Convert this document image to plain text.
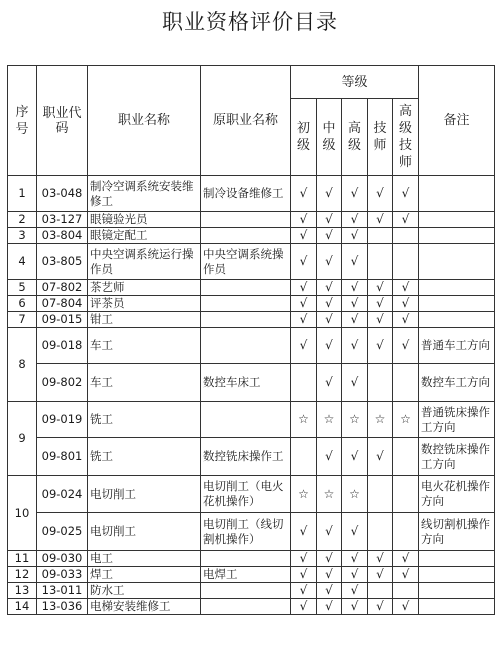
职业资格评价目录
序号	职业代码	职业名称	原职业名称	等级					备注
				初级	中级	高级	技师	高级技师	
1	03-048	制冷空调系统安装维修工	制冷设备维修工	√	√	√	√	√	
2	03-127	眼镜验光员		√	√	√	√	√	
3	03-804	眼镜定配工		√	√	√			
4	03-805	中央空调系统运行操作员	中央空调系统操作员	√	√	√			
5	07-802	茶艺师		√	√	√	√	√	
6	07-804	评茶员		√	√	√	√	√	
7	09-015	钳工		√	√	√	√	√	
8	09-018	车工		√	√	√	√	√	普通车工方向
	09-802	车工	数控车床工		√	√			数控车工方向
9	09-019	铣工		☆	☆	☆	☆	☆	普通铣床操作工方向
	09-801	铣工	数控铣床操作工		√	√	√		数控铣床操作工方向
10	09-024	电切削工	电切削工（电火花机操作）	☆	☆	☆			电火花机操作方向
	09-025	电切削工	电切削工（线切割机操作）	√	√	√			线切割机操作方向
11	09-030	电工		√	√	√	√	√	
12	09-033	焊工	电焊工	√	√	√	√	√	
13	13-011	防水工		√	√	√			
14	13-036	电梯安装维修工		√	√	√	√	√	
